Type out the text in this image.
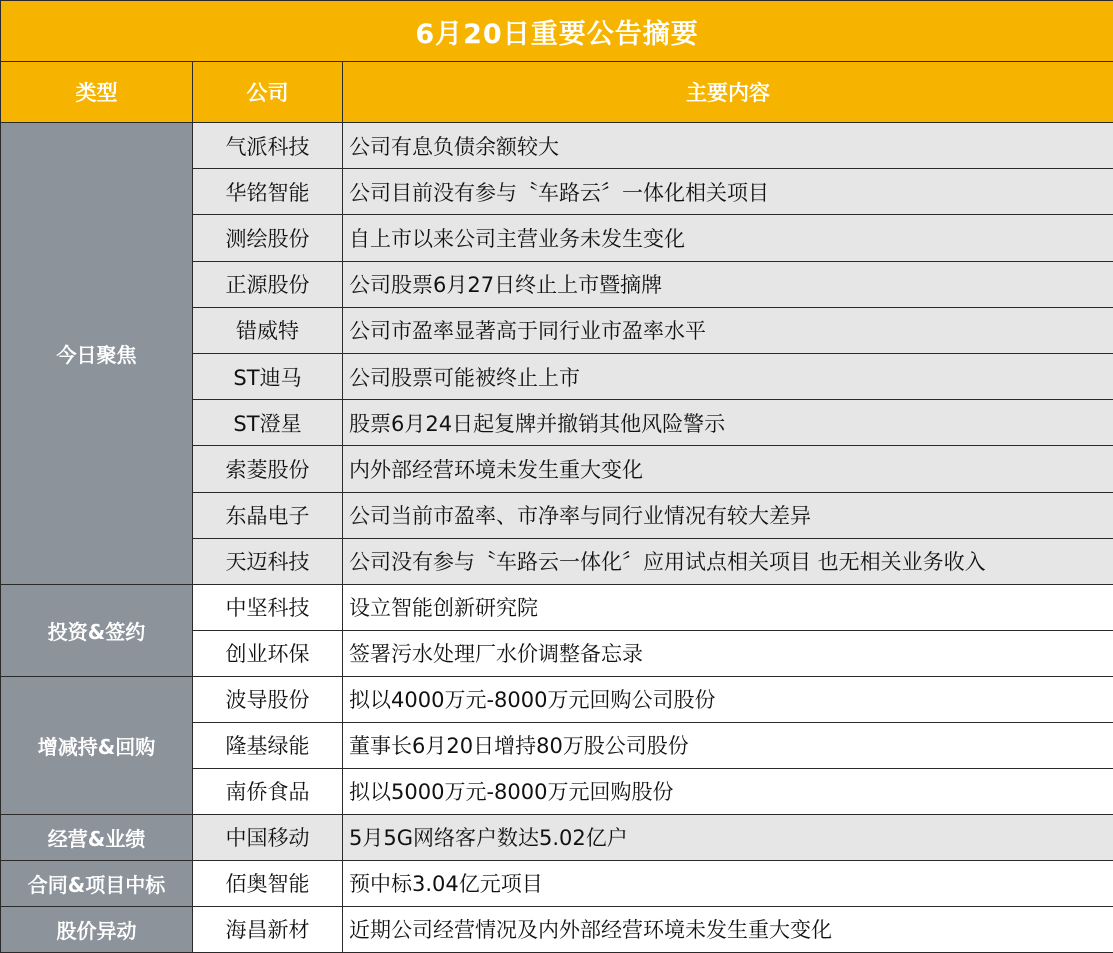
6月20日重要公告摘要		
类型	公司	主要内容
今日聚焦	气派科技	公司有息负债余额较大
	华铭智能	公司目前没有参与〝车路云〞一体化相关项目
	测绘股份	自上市以来公司主营业务未发生变化
	正源股份	公司股票6月27日终止上市暨摘牌
	错威特	公司市盈率显著高于同行业市盈率水平
	ST迪马	公司股票可能被终止上市
	ST澄星	股票6月24日起复牌并撤销其他风险警示
	索菱股份	内外部经营环境未发生重大变化
	东晶电子	公司当前市盈率、市净率与同行业情况有较大差异
	天迈科技	公司没有参与〝车路云一体化〞应用试点相关项目 也无相关业务收入
投资&签约	中坚科技	设立智能创新研究院
	创业环保	签署污水处理厂水价调整备忘录
增减持&回购	波导股份	拟以4000万元-8000万元回购公司股份
	隆基绿能	董事长6月20日增持80万股公司股份
	南侨食品	拟以5000万元-8000万元回购股份
经营&业绩	中国移动	5月5G网络客户数达5.02亿户
合同&项目中标	佰奥智能	预中标3.04亿元项目
股价异动	海昌新材	近期公司经营情况及内外部经营环境未发生重大变化
